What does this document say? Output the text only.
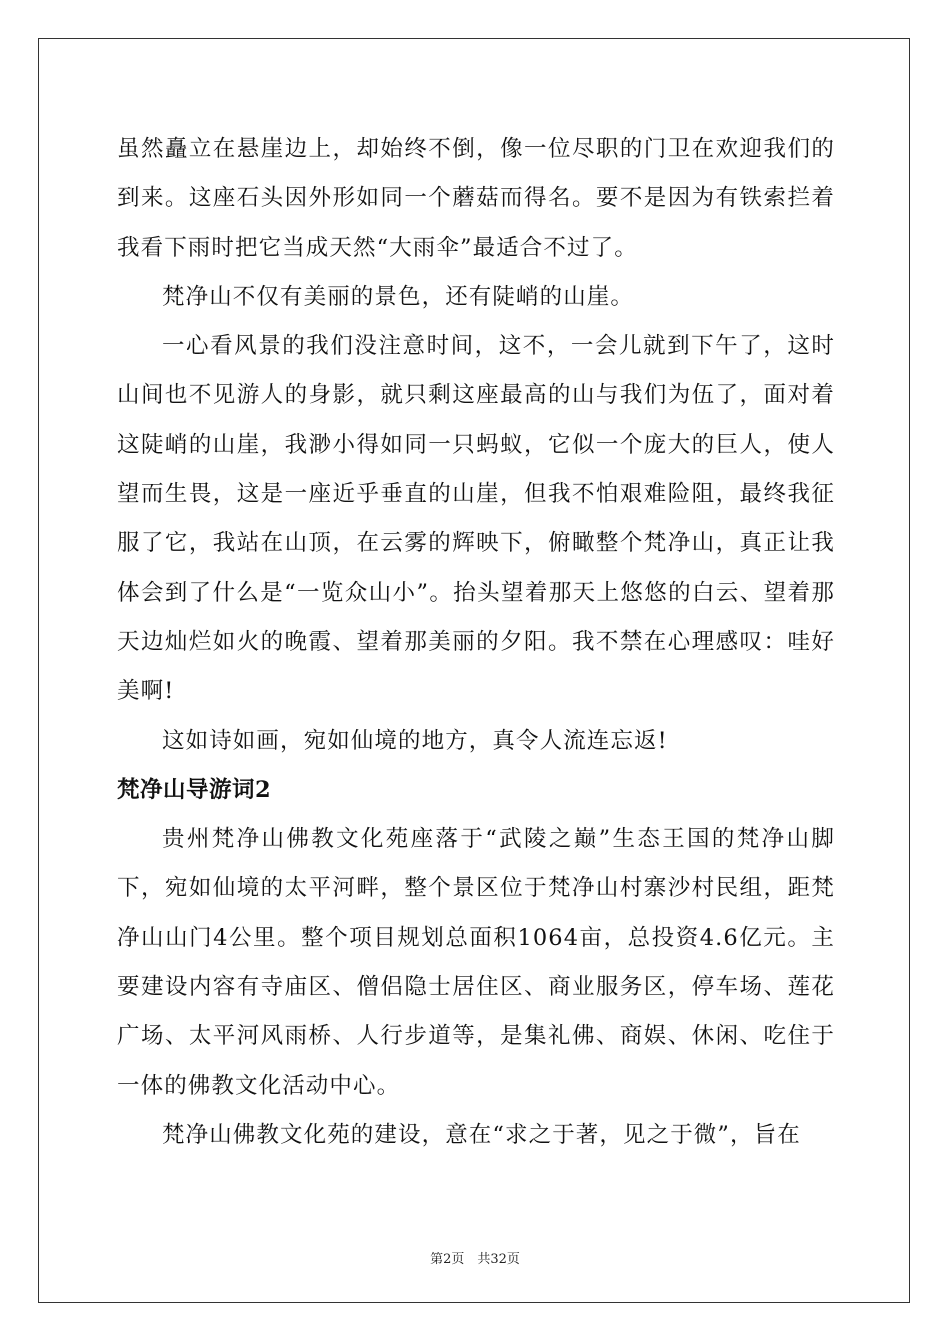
虽然矗立在悬崖边上，却始终不倒，像一位尽职的门卫在欢迎我们的到来。这座石头因外形如同一个蘑菇而得名。要不是因为有铁索拦着我看下雨时把它当成天然“大雨伞”最适合不过了。

梵净山不仅有美丽的景色，还有陡峭的山崖。

一心看风景的我们没注意时间，这不，一会儿就到下午了，这时山间也不见游人的身影，就只剩这座最高的山与我们为伍了，面对着这陡峭的山崖，我渺小得如同一只蚂蚁，它似一个庞大的巨人，使人望而生畏，这是一座近乎垂直的山崖，但我不怕艰难险阻，最终我征服了它，我站在山顶，在云雾的辉映下，俯瞰整个梵净山，真正让我体会到了什么是“一览众山小”。抬头望着那天上悠悠的白云、望着那天边灿烂如火的晚霞、望着那美丽的夕阳。我不禁在心理感叹：哇好美啊!

这如诗如画，宛如仙境的地方，真令人流连忘返!

梵净山导游词2

贵州梵净山佛教文化苑座落于“武陵之巅”生态王国的梵净山脚下，宛如仙境的太平河畔，整个景区位于梵净山村寨沙村民组，距梵净山山门4公里。整个项目规划总面积1064亩，总投资4.6亿元。主要建设内容有寺庙区、僧侣隐士居住区、商业服务区，停车场、莲花广场、太平河风雨桥、人行步道等，是集礼佛、商娱、休闲、吃住于一体的佛教文化活动中心。

梵净山佛教文化苑的建设，意在“求之于著，见之于微”，旨在

第2页　共32页
